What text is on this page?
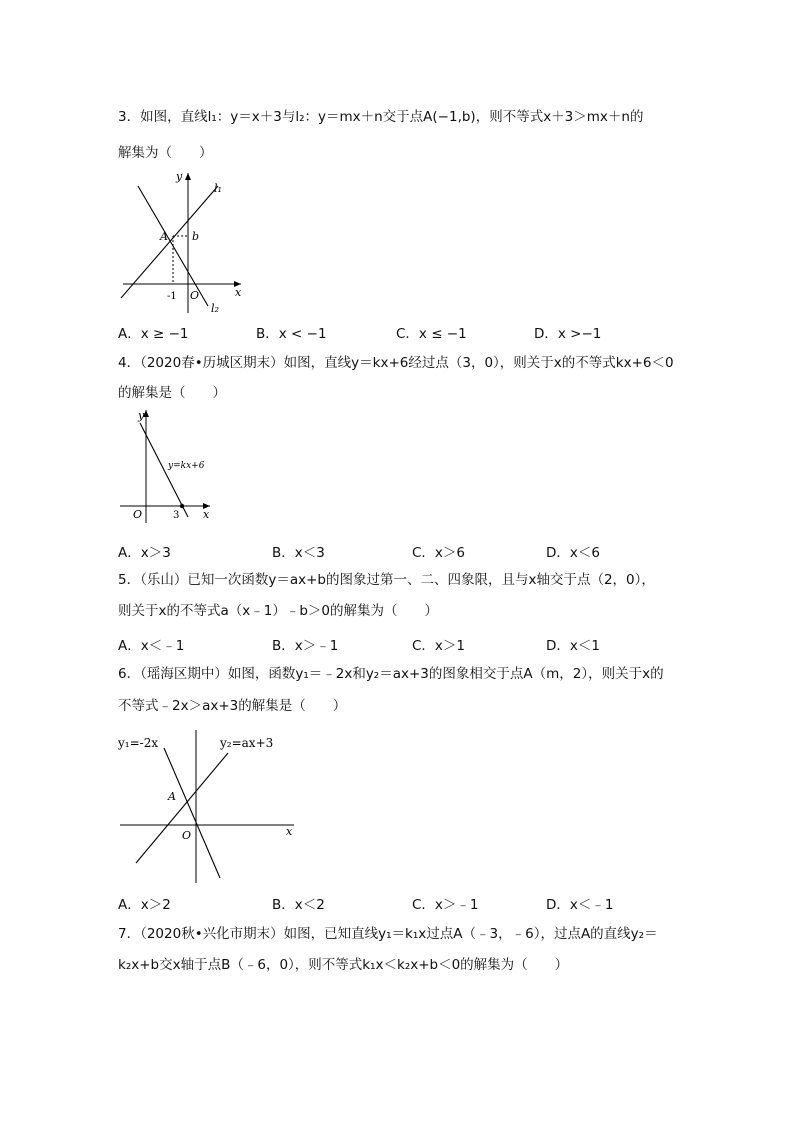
3．如图，直线l₁：y＝x＋3与l₂：y＝mx＋n交于点A(−1,b)，则不等式x＋3＞mx＋n的
解集为（　　）
y
x
O
A b
-1
l₁
l₂
A．x ≥ −1	B．x < −1	C．x ≤ −1	D．x >−1
4．（2020春•历城区期末）如图，直线y＝kx+6经过点（3，0），则关于x的不等式kx+6＜0
的解集是（　　）
y
x
O	3
y=kx+6
A．x＞3	B．x＜3	C．x＞6	D．x＜6
5．（乐山）已知一次函数y＝ax+b的图象过第一、二、四象限，且与x轴交于点（2，0），
则关于x的不等式a（x﹣1）﹣b＞0的解集为（　　）
A．x＜﹣1	B．x＞﹣1	C．x＞1	D．x＜1
6．（瑶海区期中）如图，函数y₁＝﹣2x和y₂＝ax+3的图象相交于点A（m，2），则关于x的
不等式﹣2x＞ax+3的解集是（　　）
y₁=-2x	y₂=ax+3
A
O	x
A．x＞2	B．x＜2	C．x＞﹣1	D．x＜﹣1
7．（2020秋•兴化市期末）如图，已知直线y₁＝k₁x过点A（﹣3，﹣6），过点A的直线y₂＝
k₂x+b交x轴于点B（﹣6，0），则不等式k₁x＜k₂x+b＜0的解集为（　　）
